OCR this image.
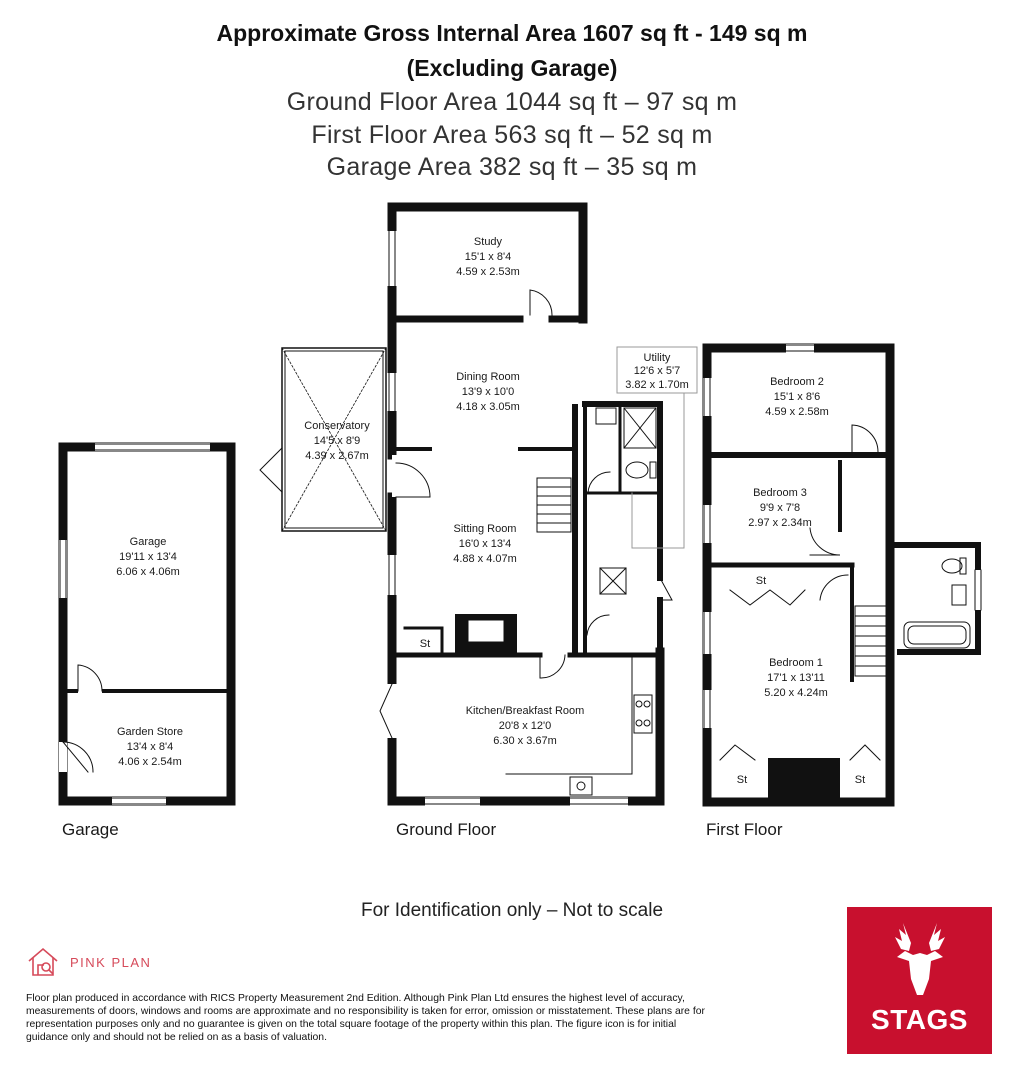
Approximate Gross Internal Area 1607 sq ft - 149 sq m
(Excluding Garage)
Ground Floor Area 1044 sq ft – 97 sq m
First Floor Area 563 sq ft – 52 sq m
Garage Area 382 sq ft – 35 sq m
Study
15'1 x 8'4
4.59 x 2.53m
Dining Room
13'9 x 10'0
4.18 x 3.05m
Conservatory
14'5 x 8'9
4.39 x 2.67m
Sitting Room
16'0 x 13'4
4.88 x 4.07m
Utility
12'6 x 5'7
3.82 x 1.70m
Kitchen/Breakfast Room
20'8 x 12'0
6.30 x 3.67m
Garage
19'11 x 13'4
6.06 x 4.06m
Garden Store
13'4 x 8'4
4.06 x 2.54m
Bedroom 2
15'1 x 8'6
4.59 x 2.58m
Bedroom 3
9'9 x 7'8
2.97 x 2.34m
Bedroom 1
17'1 x 13'11
5.20 x 4.24m
St
St
St	St
Garage	Ground Floor	First Floor
For Identification only – Not to scale
PINK PLAN
Floor plan produced in accordance with RICS Property Measurement 2nd Edition. Although Pink Plan Ltd ensures the highest level of accuracy, measurements of doors, windows and rooms are approximate and no responsibility is taken for error, omission or misstatement. These plans are for representation purposes only and no guarantee is given on the total square footage of the property within this plan. The figure icon is for initial guidance only and should not be relied on as a basis of valuation.
STAGS
